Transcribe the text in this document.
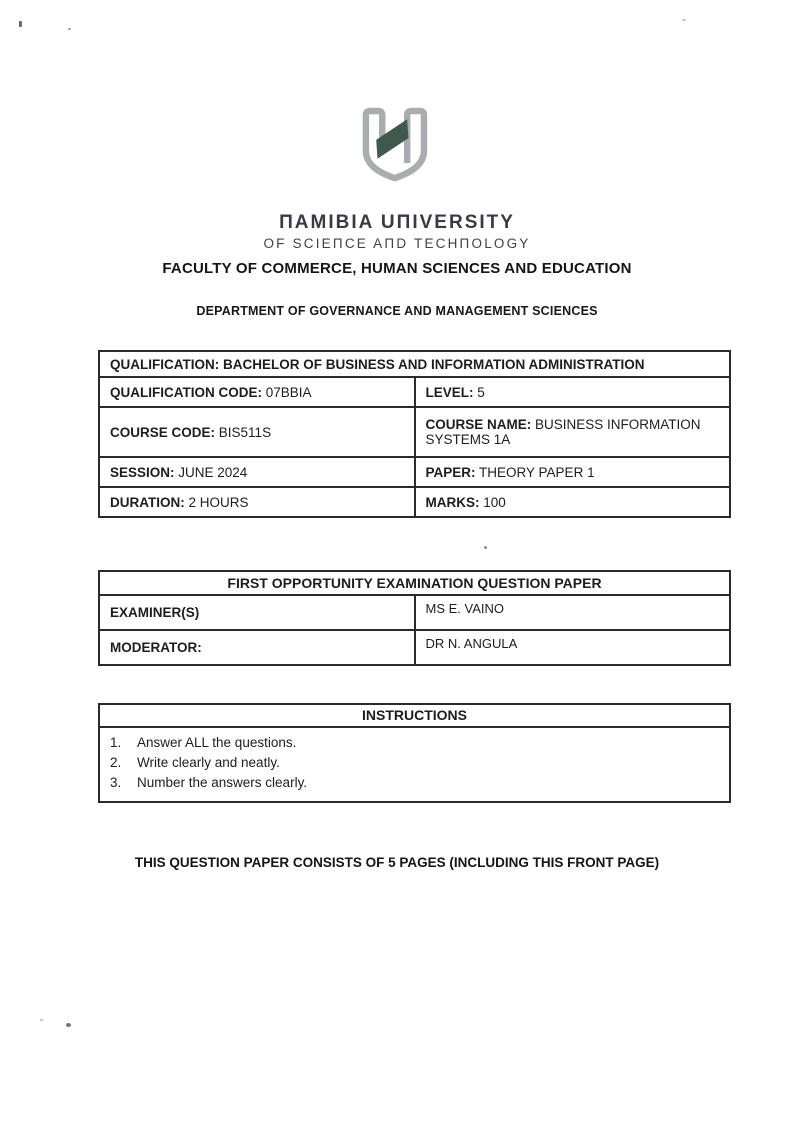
ΠAMIBIA UΠIVERSITY
OF SCIEΠCE AΠD TECHΠOLOGY
FACULTY OF COMMERCE, HUMAN SCIENCES AND EDUCATION
DEPARTMENT OF GOVERNANCE AND MANAGEMENT SCIENCES
QUALIFICATION: BACHELOR OF BUSINESS AND INFORMATION ADMINISTRATION	
QUALIFICATION CODE: 07BBIA	LEVEL: 5
COURSE CODE: BIS511S	COURSE NAME: BUSINESS INFORMATION SYSTEMS 1A
SESSION: JUNE 2024	PAPER: THEORY PAPER 1
DURATION: 2 HOURS	MARKS: 100
FIRST OPPORTUNITY EXAMINATION QUESTION PAPER	
EXAMINER(S)	MS E. VAINO
MODERATOR:	DR N. ANGULA
INSTRUCTIONS
1.	Answer ALL the questions.
2.	Write clearly and neatly.
3.	Number the answers clearly.
THIS QUESTION PAPER CONSISTS OF 5 PAGES (INCLUDING THIS FRONT PAGE)
